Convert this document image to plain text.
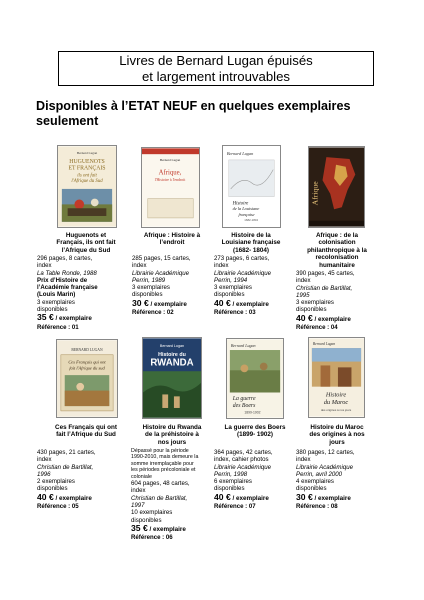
Livres de Bernard Lugan épuisés
et largement introuvables
Disponibles à l’ETAT NEUF en quelques exemplaires
seulement
Bernard Lugan
HUGUENOTS
ET FRANÇAIS
ils ont fait
l'Afrique du Sud
Huguenots et
Français, ils ont fait
l’Afrique du Sud
296 pages, 8 cartes,
index
La Table Ronde, 1988
Prix d’Histoire de
l’Académie française
(Louis Marin)
3 exemplaires
disponibles
35 € / exemplaire
Référence : 01
Bernard Lugan
Afrique,
l'Histoire à l'endroit
Afrique : Histoire à
l’endroit
285 pages, 15 cartes,
index
Librairie Académique
Perrin, 1989
3 exemplaires
disponibles
30 € / exemplaire
Référence : 02
Bernard Lugan
Histoire
de la Louisiane
française
1682-1804
Histoire de la
Louisiane française
(1682- 1804)
273 pages, 6 cartes,
index
Librairie Académique
Perrin, 1994
3 exemplaires
disponibles
40 € / exemplaire
Référence : 03
Afrique
Afrique : de la
colonisation
philanthropique à la
recolonisation
humanitaire
390 pages, 45 cartes,
index
Christian de Bartillat,
1995
3 exemplaires
disponibles
40 € / exemplaire
Référence : 04
BERNARD LUGAN
Ces Français qui ont
fait l'Afrique du sud
Ces Français qui ont
fait l’Afrique du Sud
430 pages, 21 cartes,
index
Christian de Bartillat,
1996
2 exemplaires
disponibles
40 € / exemplaire
Référence : 05
Bernard Lugan
Histoire du
RWANDA
Histoire du Rwanda
de la préhistoire à
nos jours
Dépassé pour la période
1990-2010, mais demeure la
somme irremplaçable pour
les périodes précoloniale et
coloniale
604 pages, 48 cartes,
index
Christian de Bartillat,
1997
10 exemplaires
disponibles
35 € / exemplaire
Référence : 06
Bernard Lugan
La guerre
des Boers
1899-1902
La guerre des Boers
(1899- 1902)
364 pages, 42 cartes,
index, cahier photos
Librairie Académique
Perrin, 1998
6 exemplaires
disponibles
40 € / exemplaire
Référence : 07
Bernard Lugan
Histoire
du Maroc
des origines à nos jours
Histoire du Maroc
des origines à nos
jours
380 pages, 12 cartes,
index
Librairie Académique
Perrin, avril 2000
4 exemplaires
disponibles
30 € / exemplaire
Référence : 08
